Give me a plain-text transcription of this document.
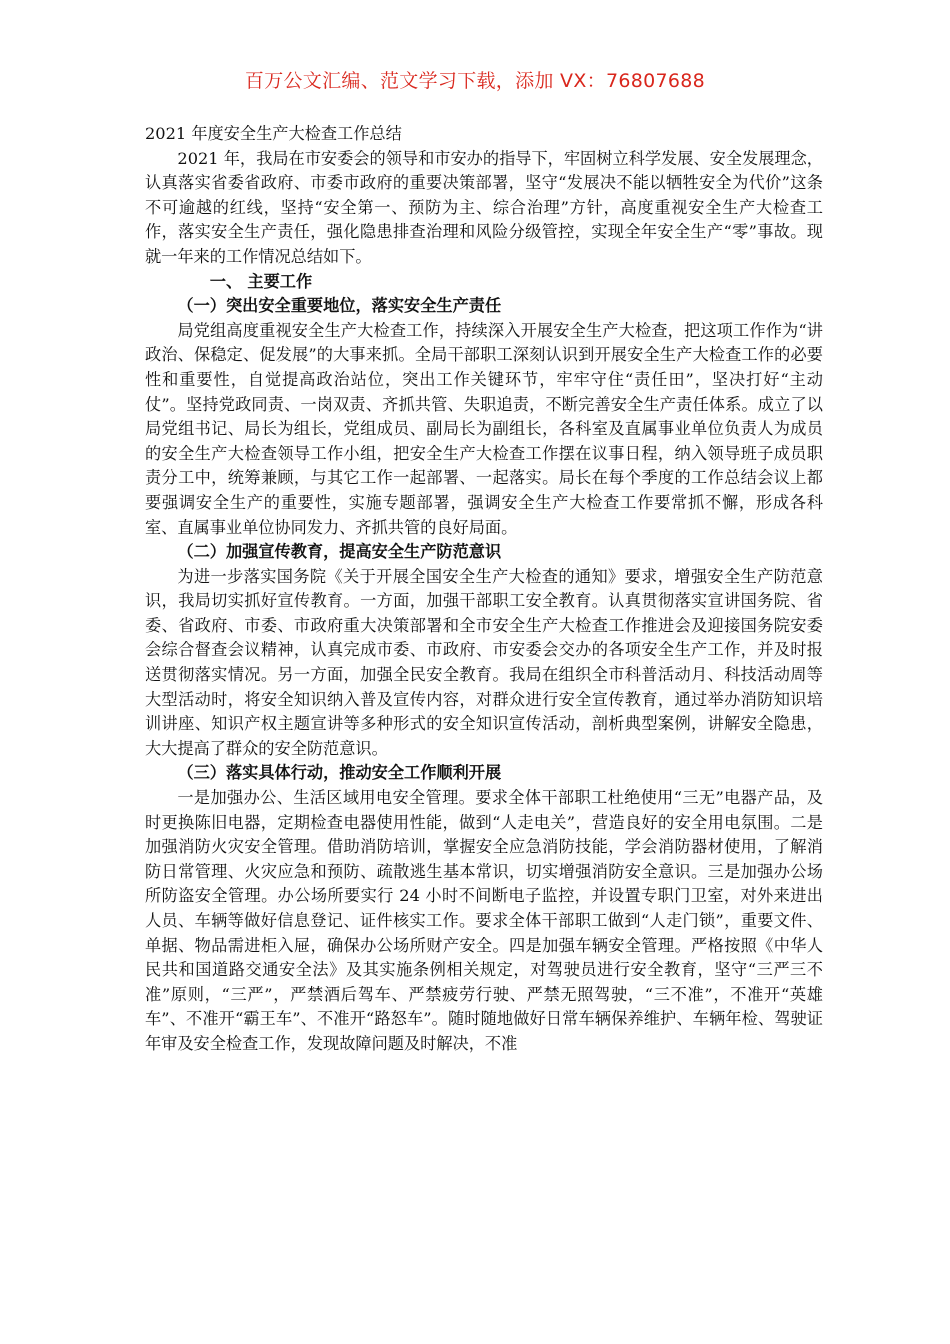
百万公文汇编、范文学习下载，添加 VX：76807688

2021 年度安全生产大检查工作总结

2021 年，我局在市安委会的领导和市安办的指导下，牢固树立科学发展、安全发展理念，认真落实省委省政府、市委市政府的重要决策部署，坚守“发展决不能以牺牲安全为代价”这条不可逾越的红线，坚持“安全第一、预防为主、综合治理”方针，高度重视安全生产大检查工作，落实安全生产责任，强化隐患排查治理和风险分级管控，实现全年安全生产“零”事故。现就一年来的工作情况总结如下。

一、 主要工作

（一）突出安全重要地位，落实安全生产责任

局党组高度重视安全生产大检查工作，持续深入开展安全生产大检查，把这项工作作为“讲政治、保稳定、促发展”的大事来抓。全局干部职工深刻认识到开展安全生产大检查工作的必要性和重要性，自觉提高政治站位，突出工作关键环节，牢牢守住“责任田”，坚决打好“主动仗”。坚持党政同责、一岗双责、齐抓共管、失职追责，不断完善安全生产责任体系。成立了以局党组书记、局长为组长，党组成员、副局长为副组长，各科室及直属事业单位负责人为成员的安全生产大检查领导工作小组，把安全生产大检查工作摆在议事日程，纳入领导班子成员职责分工中，统筹兼顾，与其它工作一起部署、一起落实。局长在每个季度的工作总结会议上都要强调安全生产的重要性，实施专题部署，强调安全生产大检查工作要常抓不懈，形成各科室、直属事业单位协同发力、齐抓共管的良好局面。

（二）加强宣传教育，提高安全生产防范意识

为进一步落实国务院《关于开展全国安全生产大检查的通知》要求，增强安全生产防范意识，我局切实抓好宣传教育。一方面，加强干部职工安全教育。认真贯彻落实宣讲国务院、省委、省政府、市委、市政府重大决策部署和全市安全生产大检查工作推进会及迎接国务院安委会综合督查会议精神，认真完成市委、市政府、市安委会交办的各项安全生产工作，并及时报送贯彻落实情况。另一方面，加强全民安全教育。我局在组织全市科普活动月、科技活动周等大型活动时，将安全知识纳入普及宣传内容，对群众进行安全宣传教育，通过举办消防知识培训讲座、知识产权主题宣讲等多种形式的安全知识宣传活动，剖析典型案例，讲解安全隐患，大大提高了群众的安全防范意识。

（三）落实具体行动，推动安全工作顺利开展

一是加强办公、生活区域用电安全管理。要求全体干部职工杜绝使用“三无”电器产品，及时更换陈旧电器，定期检查电器使用性能，做到“人走电关”，营造良好的安全用电氛围。二是加强消防火灾安全管理。借助消防培训，掌握安全应急消防技能，学会消防器材使用，了解消防日常管理、火灾应急和预防、疏散逃生基本常识，切实增强消防安全意识。三是加强办公场所防盗安全管理。办公场所要实行 24 小时不间断电子监控，并设置专职门卫室，对外来进出人员、车辆等做好信息登记、证件核实工作。要求全体干部职工做到“人走门锁”，重要文件、单据、物品需进柜入屉，确保办公场所财产安全。四是加强车辆安全管理。严格按照《中华人民共和国道路交通安全法》及其实施条例相关规定，对驾驶员进行安全教育，坚守“三严三不准”原则，“三严”，严禁酒后驾车、严禁疲劳行驶、严禁无照驾驶，“三不准”，不准开“英雄车”、不准开“霸王车”、不准开“路怒车”。随时随地做好日常车辆保养维护、车辆年检、驾驶证年审及安全检查工作，发现故障问题及时解决，不准
